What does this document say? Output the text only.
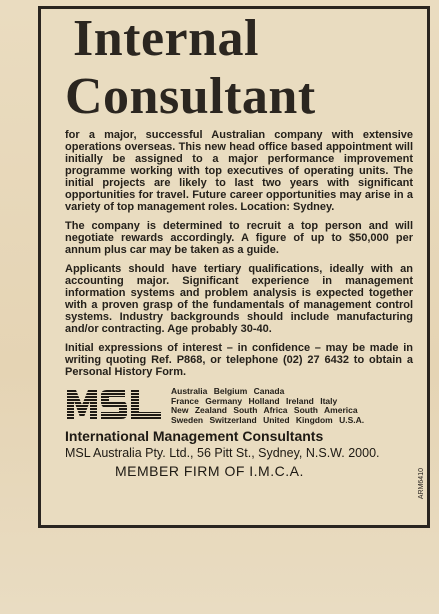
Internal
Consultant

for a major, successful Australian company with extensive operations overseas. This new head office based appointment will initially be assigned to a major performance improvement programme working with top executives of operating units. The initial projects are likely to last two years with significant opportunities for travel. Future career opportunities may arise in a variety of top management roles. Location: Sydney.

The company is determined to recruit a top person and will negotiate rewards accordingly. A figure of up to $50,000 per annum plus car may be taken as a guide.

Applicants should have tertiary qualifications, ideally with an accounting major. Significant experience in management information systems and problem analysis is expected together with a proven grasp of the fundamentals of management control systems. Industry backgrounds should include manufacturing and/or contracting. Age probably 30-40.

Initial expressions of interest – in confidence – may be made in writing quoting Ref. P868, or telephone (02) 27 6432 to obtain a Personal History Form.

Australia Belgium Canada
France Germany Holland Ireland Italy
New Zealand South Africa South America
Sweden Switzerland United Kingdom U.S.A.
International Management Consultants
MSL Australia Pty. Ltd., 56 Pitt St., Sydney, N.S.W. 2000.
MEMBER FIRM OF I.M.C.A.	ARM6410
